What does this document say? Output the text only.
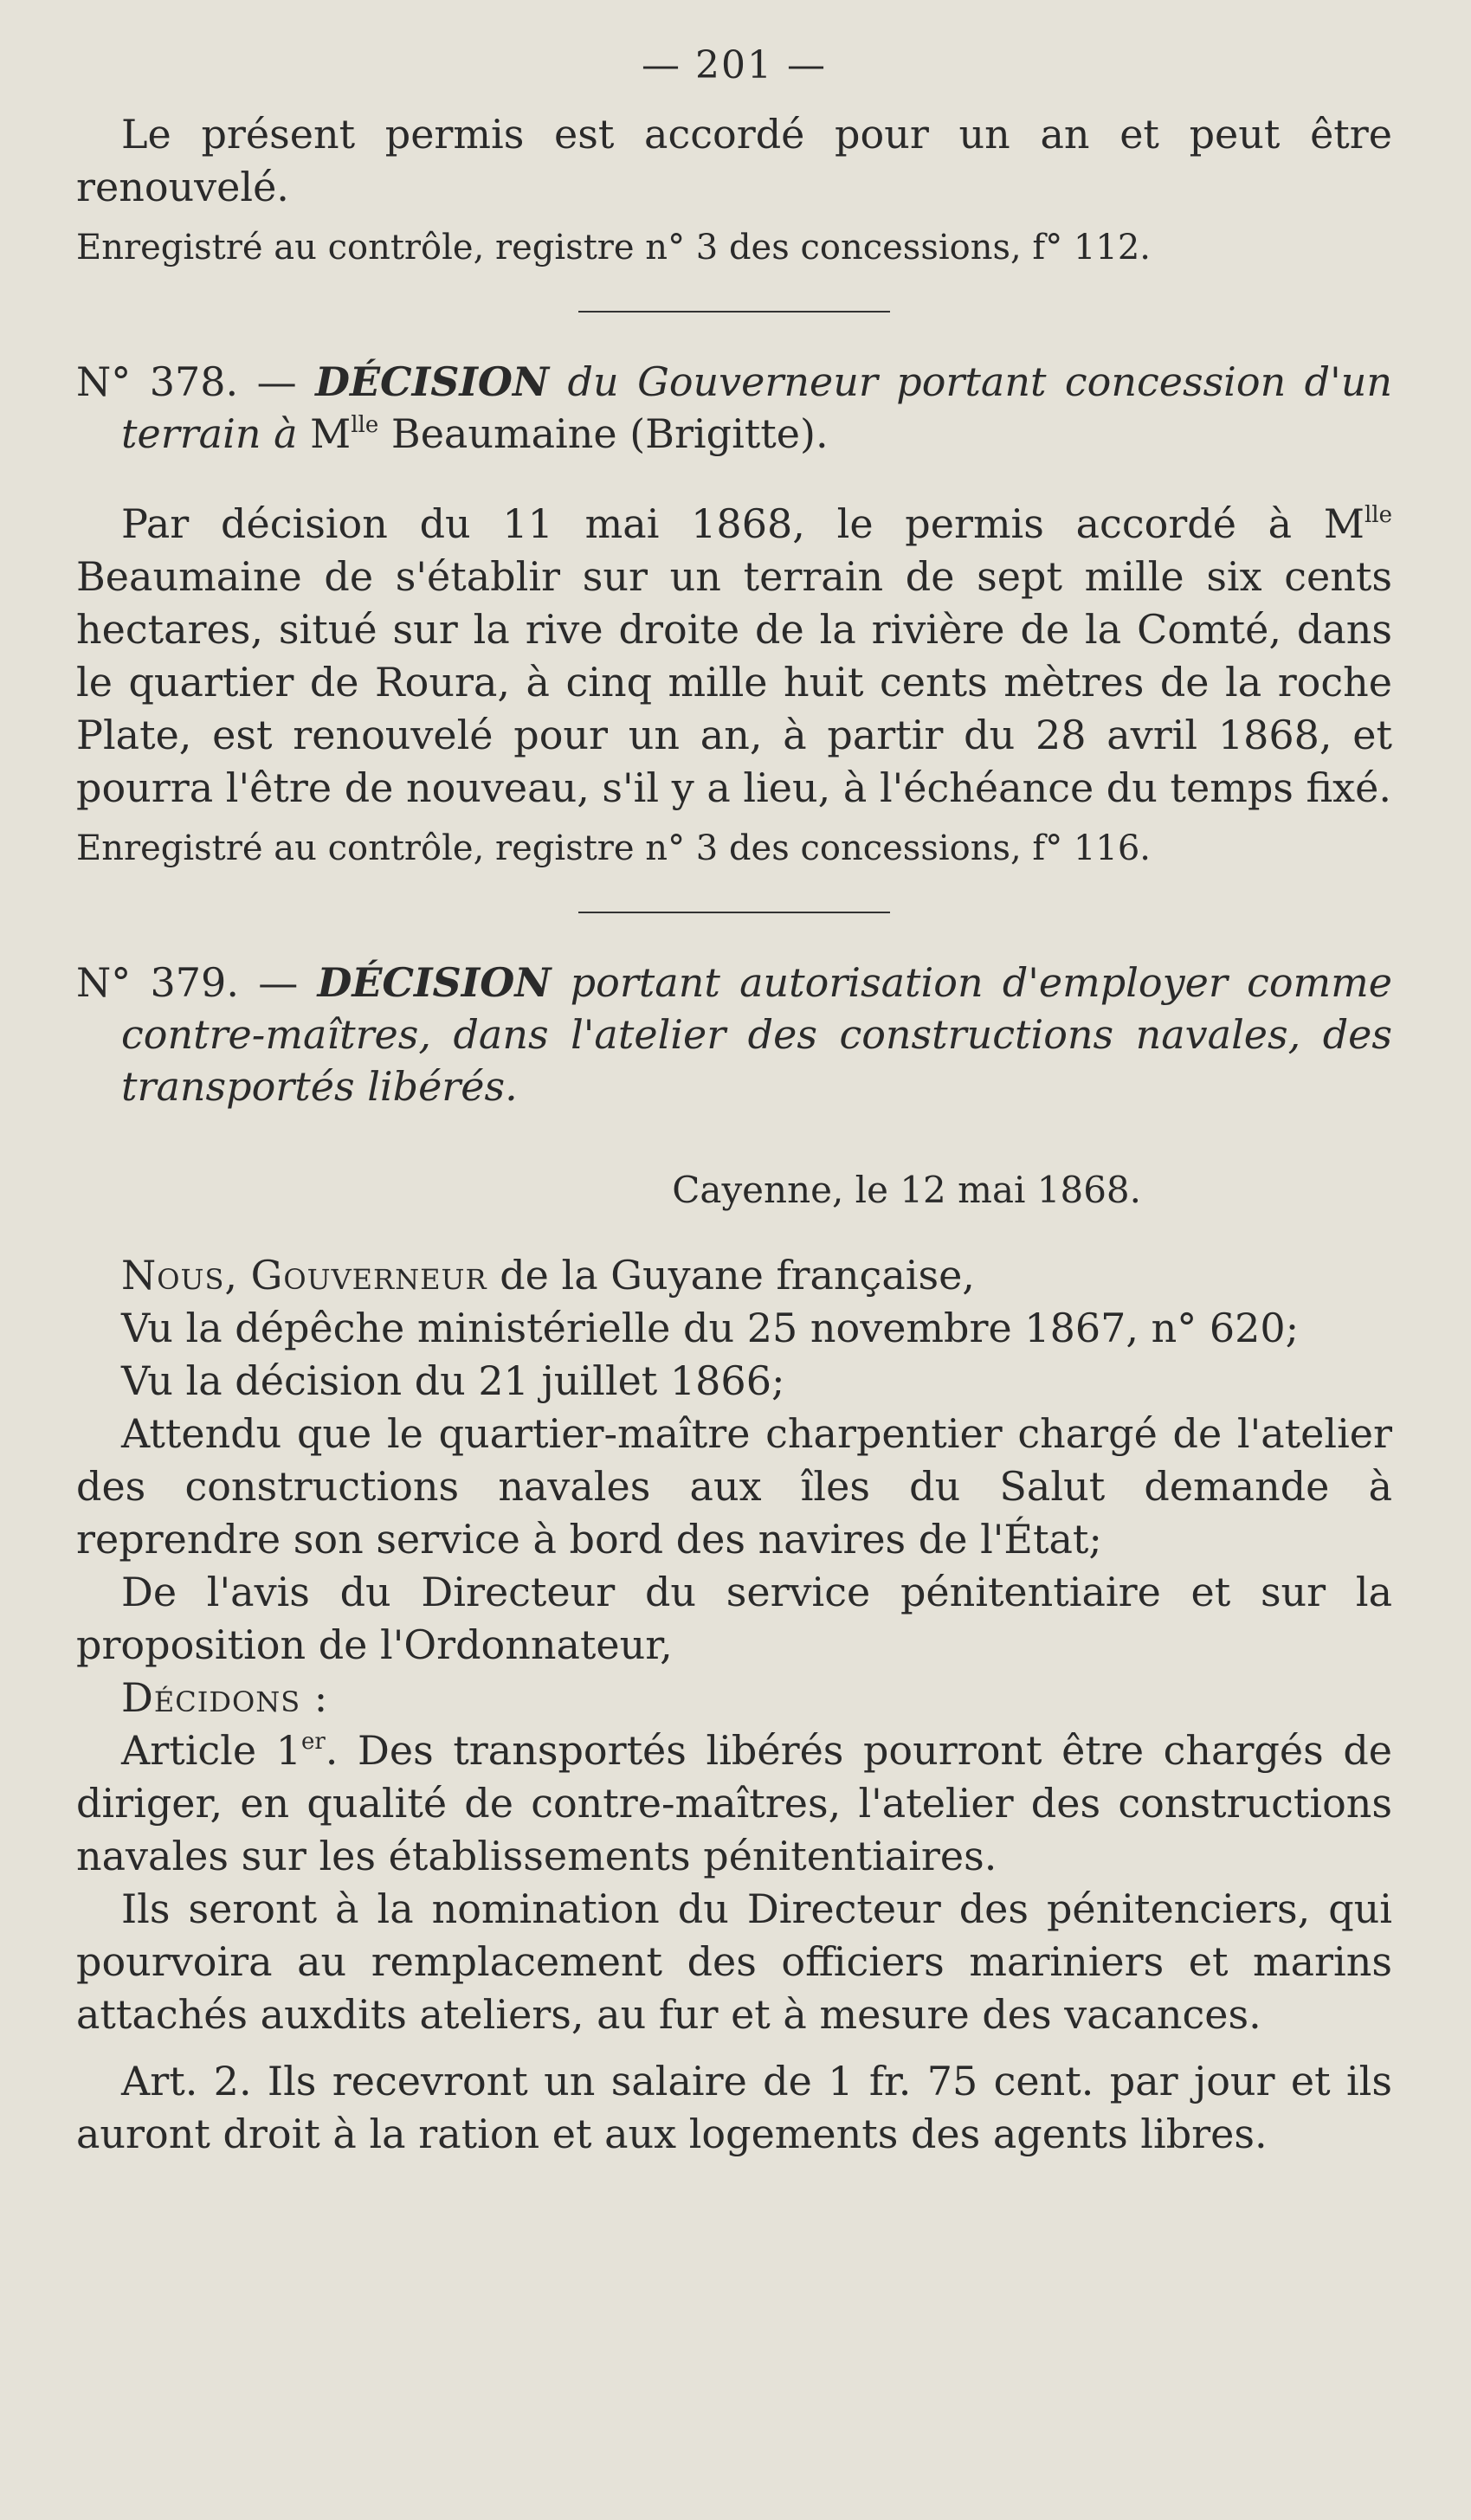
— 201 —

Le présent permis est accordé pour un an et peut être renouvelé.

Enregistré au contrôle, registre n° 3 des concessions, f° 112.

N° 378. — DÉCISION du Gouverneur portant concession d'un terrain à $M^{lle}$ Beaumaine (Brigitte).

Par décision du 11 mai 1868, le permis accordé à $M^{lle}$ Beaumaine de s'établir sur un terrain de sept mille six cents hectares, situé sur la rive droite de la rivière de la Comté, dans le quartier de Roura, à cinq mille huit cents mètres de la roche Plate, est renouvelé pour un an, à partir du 28 avril 1868, et pourra l'être de nouveau, s'il y a lieu, à l'échéance du temps fixé.

Enregistré au contrôle, registre n° 3 des concessions, f° 116.

N° 379. — DÉCISION portant autorisation d'employer comme contre-maîtres, dans l'atelier des constructions navales, des transportés libérés.
Cayenne, le 12 mai 1868.

Nous, Gouverneur de la Guyane française,

Vu la dépêche ministérielle du 25 novembre 1867, n° 620;

Vu la décision du 21 juillet 1866;

Attendu que le quartier-maître charpentier chargé de l'atelier des constructions navales aux îles du Salut demande à reprendre son service à bord des navires de l'État;

De l'avis du Directeur du service pénitentiaire et sur la proposition de l'Ordonnateur,

Décidons :

Article 1er. Des transportés libérés pourront être chargés de diriger, en qualité de contre-maîtres, l'atelier des constructions navales sur les établissements pénitentiaires.

Ils seront à la nomination du Directeur des pénitenciers, qui pourvoira au remplacement des officiers mariniers et marins attachés auxdits ateliers, au fur et à mesure des vacances.

Art. 2. Ils recevront un salaire de 1 fr. 75 cent. par jour et ils auront droit à la ration et aux logements des agents libres.
